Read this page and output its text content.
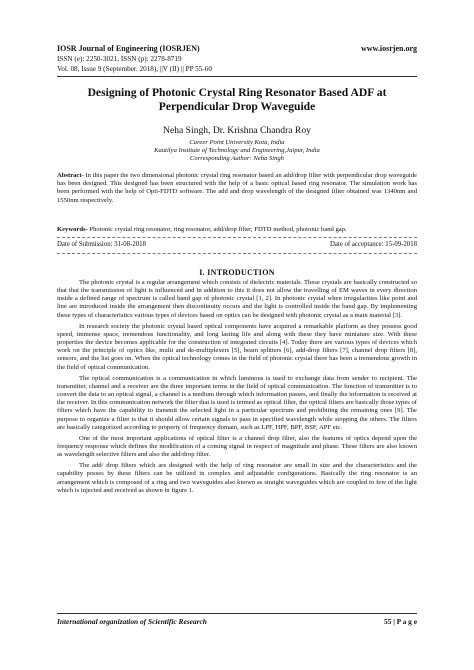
IOSR Journal of Engineering (IOSRJEN)	www.iosrjen.org
ISSN (e): 2250-3021, ISSN (p): 2278-8719
Vol. 08, Issue 9 (September. 2018), ||V (II) || PP 55-60
Designing of Photonic Crystal Ring Resonator Based ADF at
Perpendicular Drop Waveguide
Neha Singh, Dr. Krishna Chandra Roy
Career Point University Kota, India
Kautilya Institute of Technology and Engineering,Jaipur, India
Corresponding Author: Neha Singh
Abstract- In this paper the two dimensional photonic crystal ring resonator based an add/drop filter with perpendicular drop waveguide has been designed. This designed has been structured with the help of a basic optical based ring resonator. The simulation work has been performed with the help of Opti-FDTD software. The add and drop wavelength of the designed filter obtained was 1340nm and 1550nm respectively.
Keywords- Photonic crystal ring resonator, ring resonator, add/drop filter, FDTD method, photonic band gap.
Date of Submission: 31-08-2018	Date of acceptance: 15-09-2018
I. INTRODUCTION

The photonic crystal is a regular arrangement which consists of dielectric materials. These crystals are basically constructed so that that the transmission of light is influenced and in addition to this it does not allow the travelling of EM waves in every direction inside a defined range of spectrum is called band gap of photonic crystal [1, 2]. In photonic crystal when irregularities like point and line are introduced inside the arrangement then discontinuity occurs and the light is controlled inside the band gap. By implementing these types of characteristics various types of devices based on optics can be designed with photonic crystal as a main material [3].

In research society the photonic crystal based optical components have acquired a remarkable platform as they possess good speed, immense space, tremendous functionality, and long lasting life and along with these they have miniature size. With these properties the device becomes applicable for the construction of integrated circuits [4]. Today there are various types of devices which work on the principle of optics like, multi and de-multiplexers [5], beam splitters [6], add-drop filters [7], channel drop filters [8], sensors, and the list goes on. When the optical technology comes in the field of photonic crystal there has been a tremendous growth in the field of optical communication.

The optical communication is a communication in which luminous is used to exchange data from sender to recipient. The transmitter, channel and a receiver are the three important terms in the field of optical communication. The function of transmitter is to convert the data to an optical signal, a channel is a medium through which information passes, and finally the information is received at the receiver. In this communication network the filter that is used is termed as optical filter, the optical filters are basically those types of filters which have the capability to transmit the selected light in a particular spectrum and prohibiting the remaining ones [9]. The purpose to organize a filter is that it should allow certain signals to pass in specified wavelength while stopping the others. The filters are basically categorized according to property of frequency domain, such as LPF, HPF, BPF, BSF, APF etc.

One of the most important applications of optical filter is a channel drop filter, also the features of optics depend upon the frequency response which defines the modification of a coming signal in respect of magnitude and phase. These filters are also known as wavelength selective filters and also the add/drop filter.

The add/ drop filters which are designed with the help of ring resonator are small in size and the characteristics and the capability posses by these filters can be utilized in complex and adjustable configurations. Basically the ring resonator is an arrangement which is composed of a ring and two waveguides also known as straight waveguides which are coupled to few of the light which is injected and received as shown in figure 1.

International organization of Scientific Research	55 | P a g e
